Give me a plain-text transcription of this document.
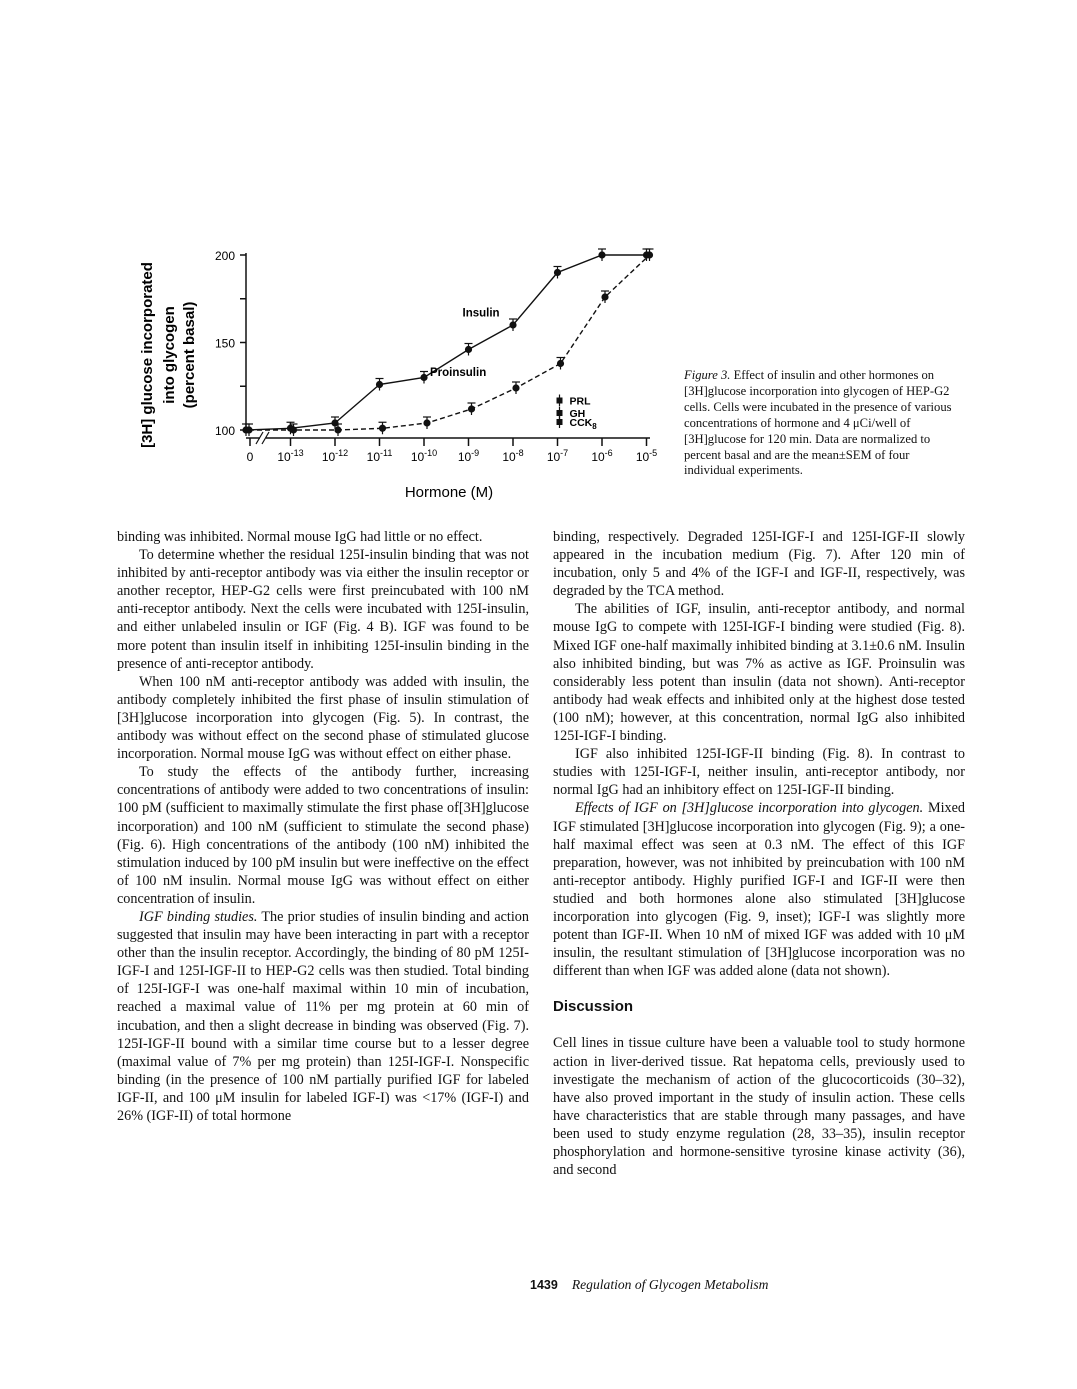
[3H] glucose incorporated into glycogen (percent basal)
200
150
100
0 $10^{-13}$ $10^{-12}$ $10^{-11}$ $10^{-10}$ $10^{-9}$ $10^{-8}$ $10^{-7}$ $10^{-6}$ $10^{-5}$
Insulin
Proinsulin
PRL
GH
$CCK_8$
Hormone (M)
Figure 3. Effect of insulin and other hormones on [3H]glucose incorporation into glycogen of HEP-G2 cells. Cells were incubated in the presence of various concentrations of hormone and 4 μCi/well of [3H]glucose for 120 min. Data are normalized to percent basal and are the mean±SEM of four individual experiments.

binding was inhibited. Normal mouse IgG had little or no effect.

To determine whether the residual 125I-insulin binding that was not inhibited by anti-receptor antibody was via either the insulin receptor or another receptor, HEP-G2 cells were first preincubated with 100 nM anti-receptor antibody. Next the cells were incubated with 125I-insulin, and either unlabeled insulin or IGF (Fig. 4 B). IGF was found to be more potent than insulin itself in inhibiting 125I-insulin binding in the presence of anti-receptor antibody.

When 100 nM anti-receptor antibody was added with insulin, the antibody completely inhibited the first phase of insulin stimulation of [3H]glucose incorporation into glycogen (Fig. 5). In contrast, the antibody was without effect on the second phase of stimulated glucose incorporation. Normal mouse IgG was without effect on either phase.

To study the effects of the antibody further, increasing concentrations of antibody were added to two concentrations of insulin: 100 pM (sufficient to maximally stimulate the first phase of[3H]glucose incorporation) and 100 nM (sufficient to stimulate the second phase) (Fig. 6). High concentrations of the antibody (100 nM) inhibited the stimulation induced by 100 pM insulin but were ineffective on the effect of 100 nM insulin. Normal mouse IgG was without effect on either concentration of insulin.

IGF binding studies. The prior studies of insulin binding and action suggested that insulin may have been interacting in part with a receptor other than the insulin receptor. Accordingly, the binding of 80 pM 125I-IGF-I and 125I-IGF-II to HEP-G2 cells was then studied. Total binding of 125I-IGF-I was one-half maximal within 10 min of incubation, reached a maximal value of 11% per mg protein at 60 min of incubation, and then a slight decrease in binding was observed (Fig. 7). 125I-IGF-II bound with a similar time course but to a lesser degree (maximal value of 7% per mg protein) than 125I-IGF-I. Nonspecific binding (in the presence of 100 nM partially purified IGF for labeled IGF-II, and 100 μM insulin for labeled IGF-I) was <17% (IGF-I) and 26% (IGF-II) of total hormone

binding, respectively. Degraded 125I-IGF-I and 125I-IGF-II slowly appeared in the incubation medium (Fig. 7). After 120 min of incubation, only 5 and 4% of the IGF-I and IGF-II, respectively, was degraded by the TCA method.

The abilities of IGF, insulin, anti-receptor antibody, and normal mouse IgG to compete with 125I-IGF-I binding were studied (Fig. 8). Mixed IGF one-half maximally inhibited binding at 3.1±0.6 nM. Insulin also inhibited binding, but was 7% as active as IGF. Proinsulin was considerably less potent than insulin (data not shown). Anti-receptor antibody had weak effects and inhibited only at the highest dose tested (100 nM); however, at this concentration, normal IgG also inhibited 125I-IGF-I binding.

IGF also inhibited 125I-IGF-II binding (Fig. 8). In contrast to studies with 125I-IGF-I, neither insulin, anti-receptor antibody, nor normal IgG had an inhibitory effect on 125I-IGF-II binding.

Effects of IGF on [3H]glucose incorporation into glycogen. Mixed IGF stimulated [3H]glucose incorporation into glycogen (Fig. 9); a one-half maximal effect was seen at 0.3 nM. The effect of this IGF preparation, however, was not inhibited by preincubation with 100 nM anti-receptor antibody. Highly purified IGF-I and IGF-II were then studied and both hormones alone also stimulated [3H]glucose incorporation into glycogen (Fig. 9, inset); IGF-I was slightly more potent than IGF-II. When 10 nM of mixed IGF was added with 10 μM insulin, the resultant stimulation of [3H]glucose incorporation was no different than when IGF was added alone (data not shown).

Discussion

Cell lines in tissue culture have been a valuable tool to study hormone action in liver-derived tissue. Rat hepatoma cells, previously used to investigate the mechanism of action of the glucocorticoids (30–32), have also proved important in the study of insulin action. These cells have characteristics that are stable through many passages, and have been used to study enzyme regulation (28, 33–35), insulin receptor phosphorylation and hormone-sensitive tyrosine kinase activity (36), and second

1439 Regulation of Glycogen Metabolism
